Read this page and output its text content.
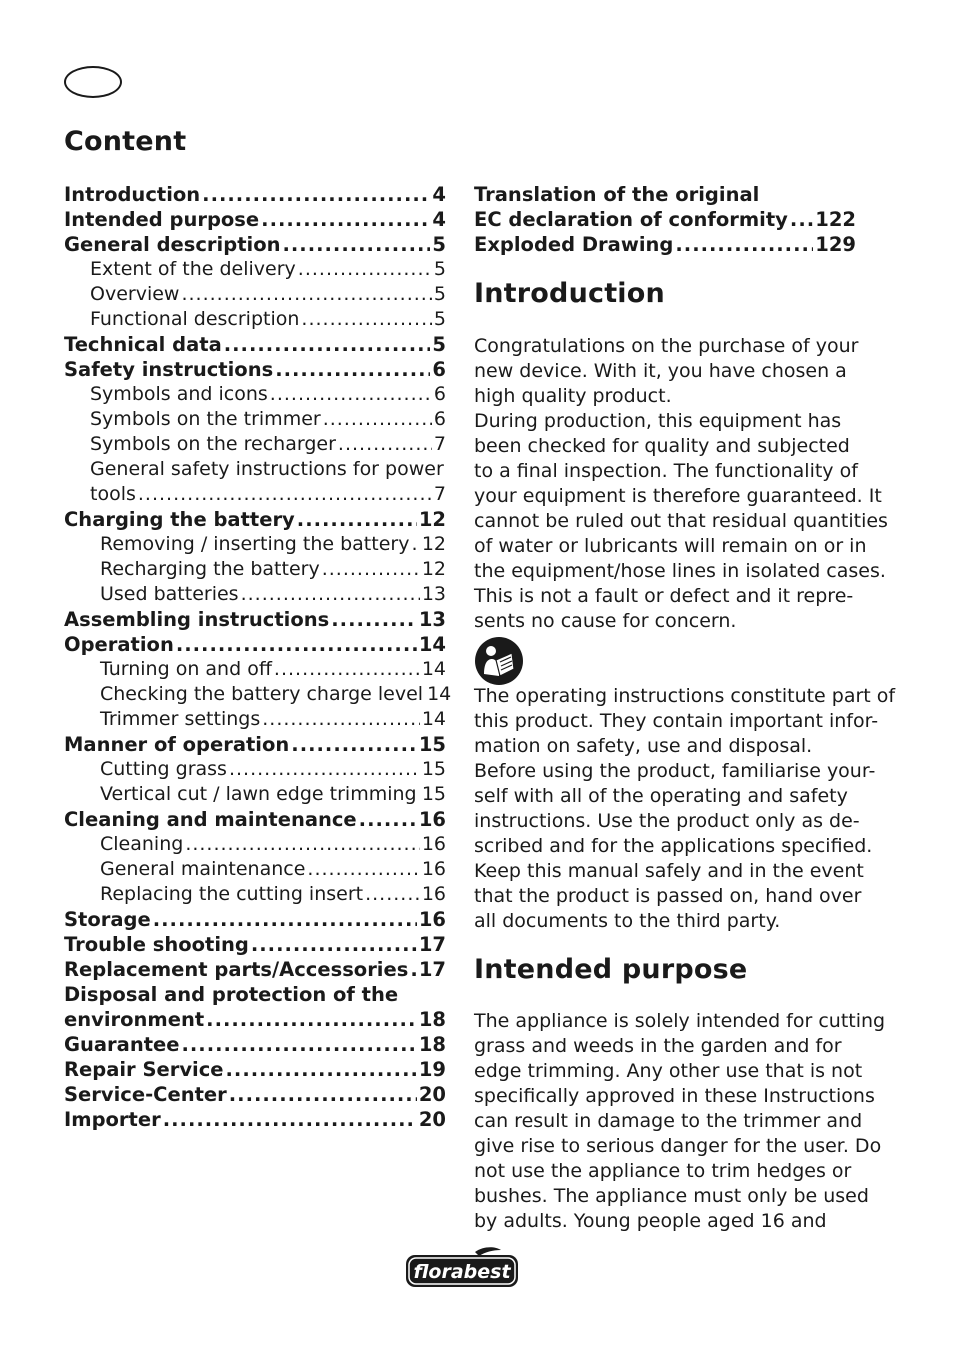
Content
Introduction .....	4
Intended purpose .....	4
General description .....	5
Extent of the delivery .....	5
Overview .....	5
Functional description .....	5
Technical data .....	5
Safety instructions .....	6
Symbols and icons .....	6
Symbols on the trimmer .....	6
Symbols on the recharger .....	7
General safety instructions for power
tools .....	7
Charging the battery .....	12
Removing / inserting the battery ..... 12
Recharging the battery .....	12
Used batteries .....	13
Assembling instructions .....	13
Operation .....	14
Turning on and off .....	14
Checking the battery charge level 14
Trimmer settings .....	14
Manner of operation .....	15
Cutting grass .....	15
Vertical cut / lawn edge trimming ..... 15
Cleaning and maintenance .....	16
Cleaning .....	16
General maintenance .....	16
Replacing the cutting insert .....	16
Storage .....	16
Trouble shooting .....	17
Replacement parts/Accessories ..... 17
Disposal and protection of the
environment .....	18
Guarantee .....	18
Repair Service .....	19
Service-Center .....	20
Importer .....	20
Translation of the original
EC declaration of conformity ..... 122
Exploded Drawing .....	129
Introduction

Congratulations on the purchase of your
new device. With it, you have chosen a
high quality product.
During production, this equipment has
been checked for quality and subjected
to a final inspection. The functionality of
your equipment is therefore guaranteed. It
cannot be ruled out that residual quantities
of water or lubricants will remain on or in
the equipment/hose lines in isolated cases.
This is not a fault or defect and it repre-
sents no cause for concern.

The operating instructions constitute part of
this product. They contain important infor-
mation on safety, use and disposal.
Before using the product, familiarise your-
self with all of the operating and safety
instructions. Use the product only as de-
scribed and for the applications specified.
Keep this manual safely and in the event
that the product is passed on, hand over
all documents to the third party.

Intended purpose

The appliance is solely intended for cutting
grass and weeds in the garden and for
edge trimming. Any other use that is not
specifically approved in these Instructions
can result in damage to the trimmer and
give rise to serious danger for the user. Do
not use the appliance to trim hedges or
bushes. The appliance must only be used
by adults. Young people aged 16 and

florabest
